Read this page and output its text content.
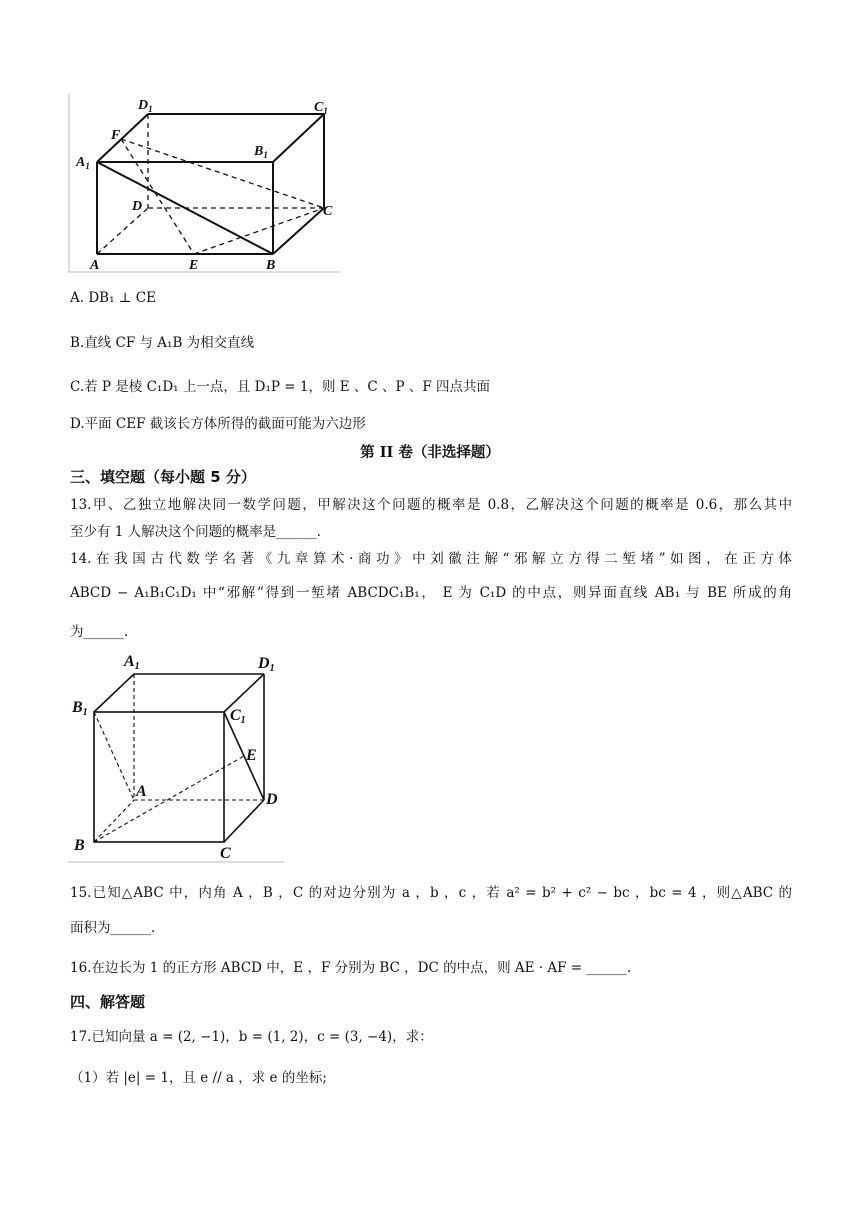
$D_1$	$C_1$
F
$A_1$
$B_1$
D	C
A	E	B
A. DB₁ ⊥ CE
B.直线 CF 与 A₁B 为相交直线
C.若 P 是棱 C₁D₁ 上一点，且 D₁P = 1，则 E 、C 、P 、F 四点共面
D.平面 CEF 截该长方体所得的截面可能为六边形
第 II 卷（非选择题）
三、填空题（每小题 5 分）
13.甲、乙独立地解决同一数学问题，甲解决这个问题的概率是 0.8，乙解决这个问题的概率是 0.6，那么其中
至少有 1 人解决这个问题的概率是______.
14.在我国古代数学名著《九章算术·商功》中刘徽注解“邪解立方得二堑堵”如图，在正方体
ABCD − A₁B₁C₁D₁ 中“邪解”得到一堑堵 ABCDC₁B₁， E 为 C₁D 的中点，则异面直线 AB₁ 与 BE 所成的角
为______.
A1	D1
B1	C1
E
A	D
B	C
15.已知△ABC 中，内角 A ，B ，C 的对边分别为 a ，b ，c ，若 a² = b² + c² − bc ，bc = 4 ，则△ABC 的
面积为______.
16.在边长为 1 的正方形 ABCD 中，E ，F 分别为 BC ，DC 的中点，则 AE · AF = ______.
四、解答题
17.已知向量 a = (2, −1)，b = (1, 2)，c = (3, −4)，求：
（1）若 |e| = 1，且 e // a ，求 e 的坐标;
